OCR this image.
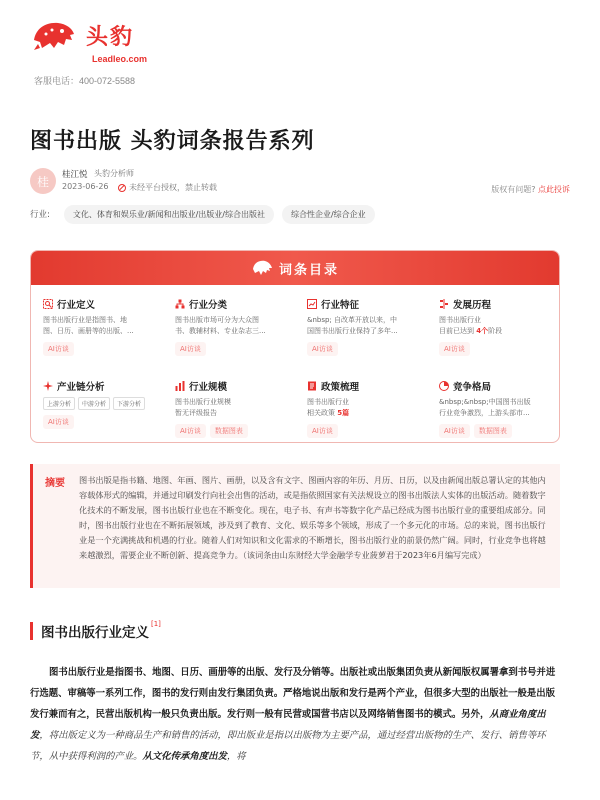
头豹
Leadleo.com
客服电话：400-072-5588
图书出版 头豹词条报告系列
桂	桂江悦 头豹分析师
2023-06-26	未经平台授权，禁止转载	版权有问题? 点此投诉
行业:	文化、体育和娱乐业/新闻和出版业/出版业/综合出版社	综合性企业/综合企业
词条目录
行业定义
图书出版行业是指图书、地
图、日历、画册等的出版、...
AI访谈
行业分类
图书出版市场可分为大众图
书、教辅材料、专业杂志三...
AI访谈
行业特征
&nbsp; 自改革开放以来，中
国图书出版行业保持了多年...
AI访谈
发展历程
图书出版行业
目前已达到 4个阶段
AI访谈
产业链分析
上游分析	中游分析	下游分析
AI访谈
行业规模
图书出版行业规模
暂无评级报告
AI访谈	数据图表
政策梳理
图书出版行业
相关政策 5篇
AI访谈
竞争格局
&nbsp;&nbsp;中国图书出版
行业竞争激烈，上游头部市...
AI访谈	数据图表
摘要 图书出版是指书籍、地图、年画、图片、画册，以及含有文字、图画内容的年历、月历、日历，以及由新闻出版总署认定的其他内容载体形式的编辑，并通过印刷发行向社会出售的活动，或是指依照国家有关法规设立的图书出版法人实体的出版活动。随着数字化技术的不断发展，图书出版行业也在不断变化。现在，电子书、有声书等数字化产品已经成为图书出版行业的重要组成部分。同时，图书出版行业也在不断拓展领域，涉及到了教育、文化、娱乐等多个领域，形成了一个多元化的市场。总的来说，图书出版行业是一个充满挑战和机遇的行业。随着人们对知识和文化需求的不断增长，图书出版行业的前景仍然广阔。同时，行业竞争也将越来越激烈，需要企业不断创新、提高竞争力。（该词条由山东财经大学金融学专业菠萝君于2023年6月编写完成）
图书出版行业定义
[1]
图书出版行业是指图书、地图、日历、画册等的出版、发行及分销等。出版社或出版集团负责从新闻版权属署拿到书号并进行选题、审稿等一系列工作，图书的发行则由发行集团负责。严格地说出版和发行是两个产业，但很多大型的出版社一般是出版发行兼而有之，民营出版机构一般只负责出版。发行则一般有民营或国营书店以及网络销售图书的模式。另外，从商业角度出发，将出版定义为一种商品生产和销售的活动，即出版业是指以出版物为主要产品，通过经营出版物的生产、发行、销售等环节，从中获得利润的产业。从文化传承角度出发，将
